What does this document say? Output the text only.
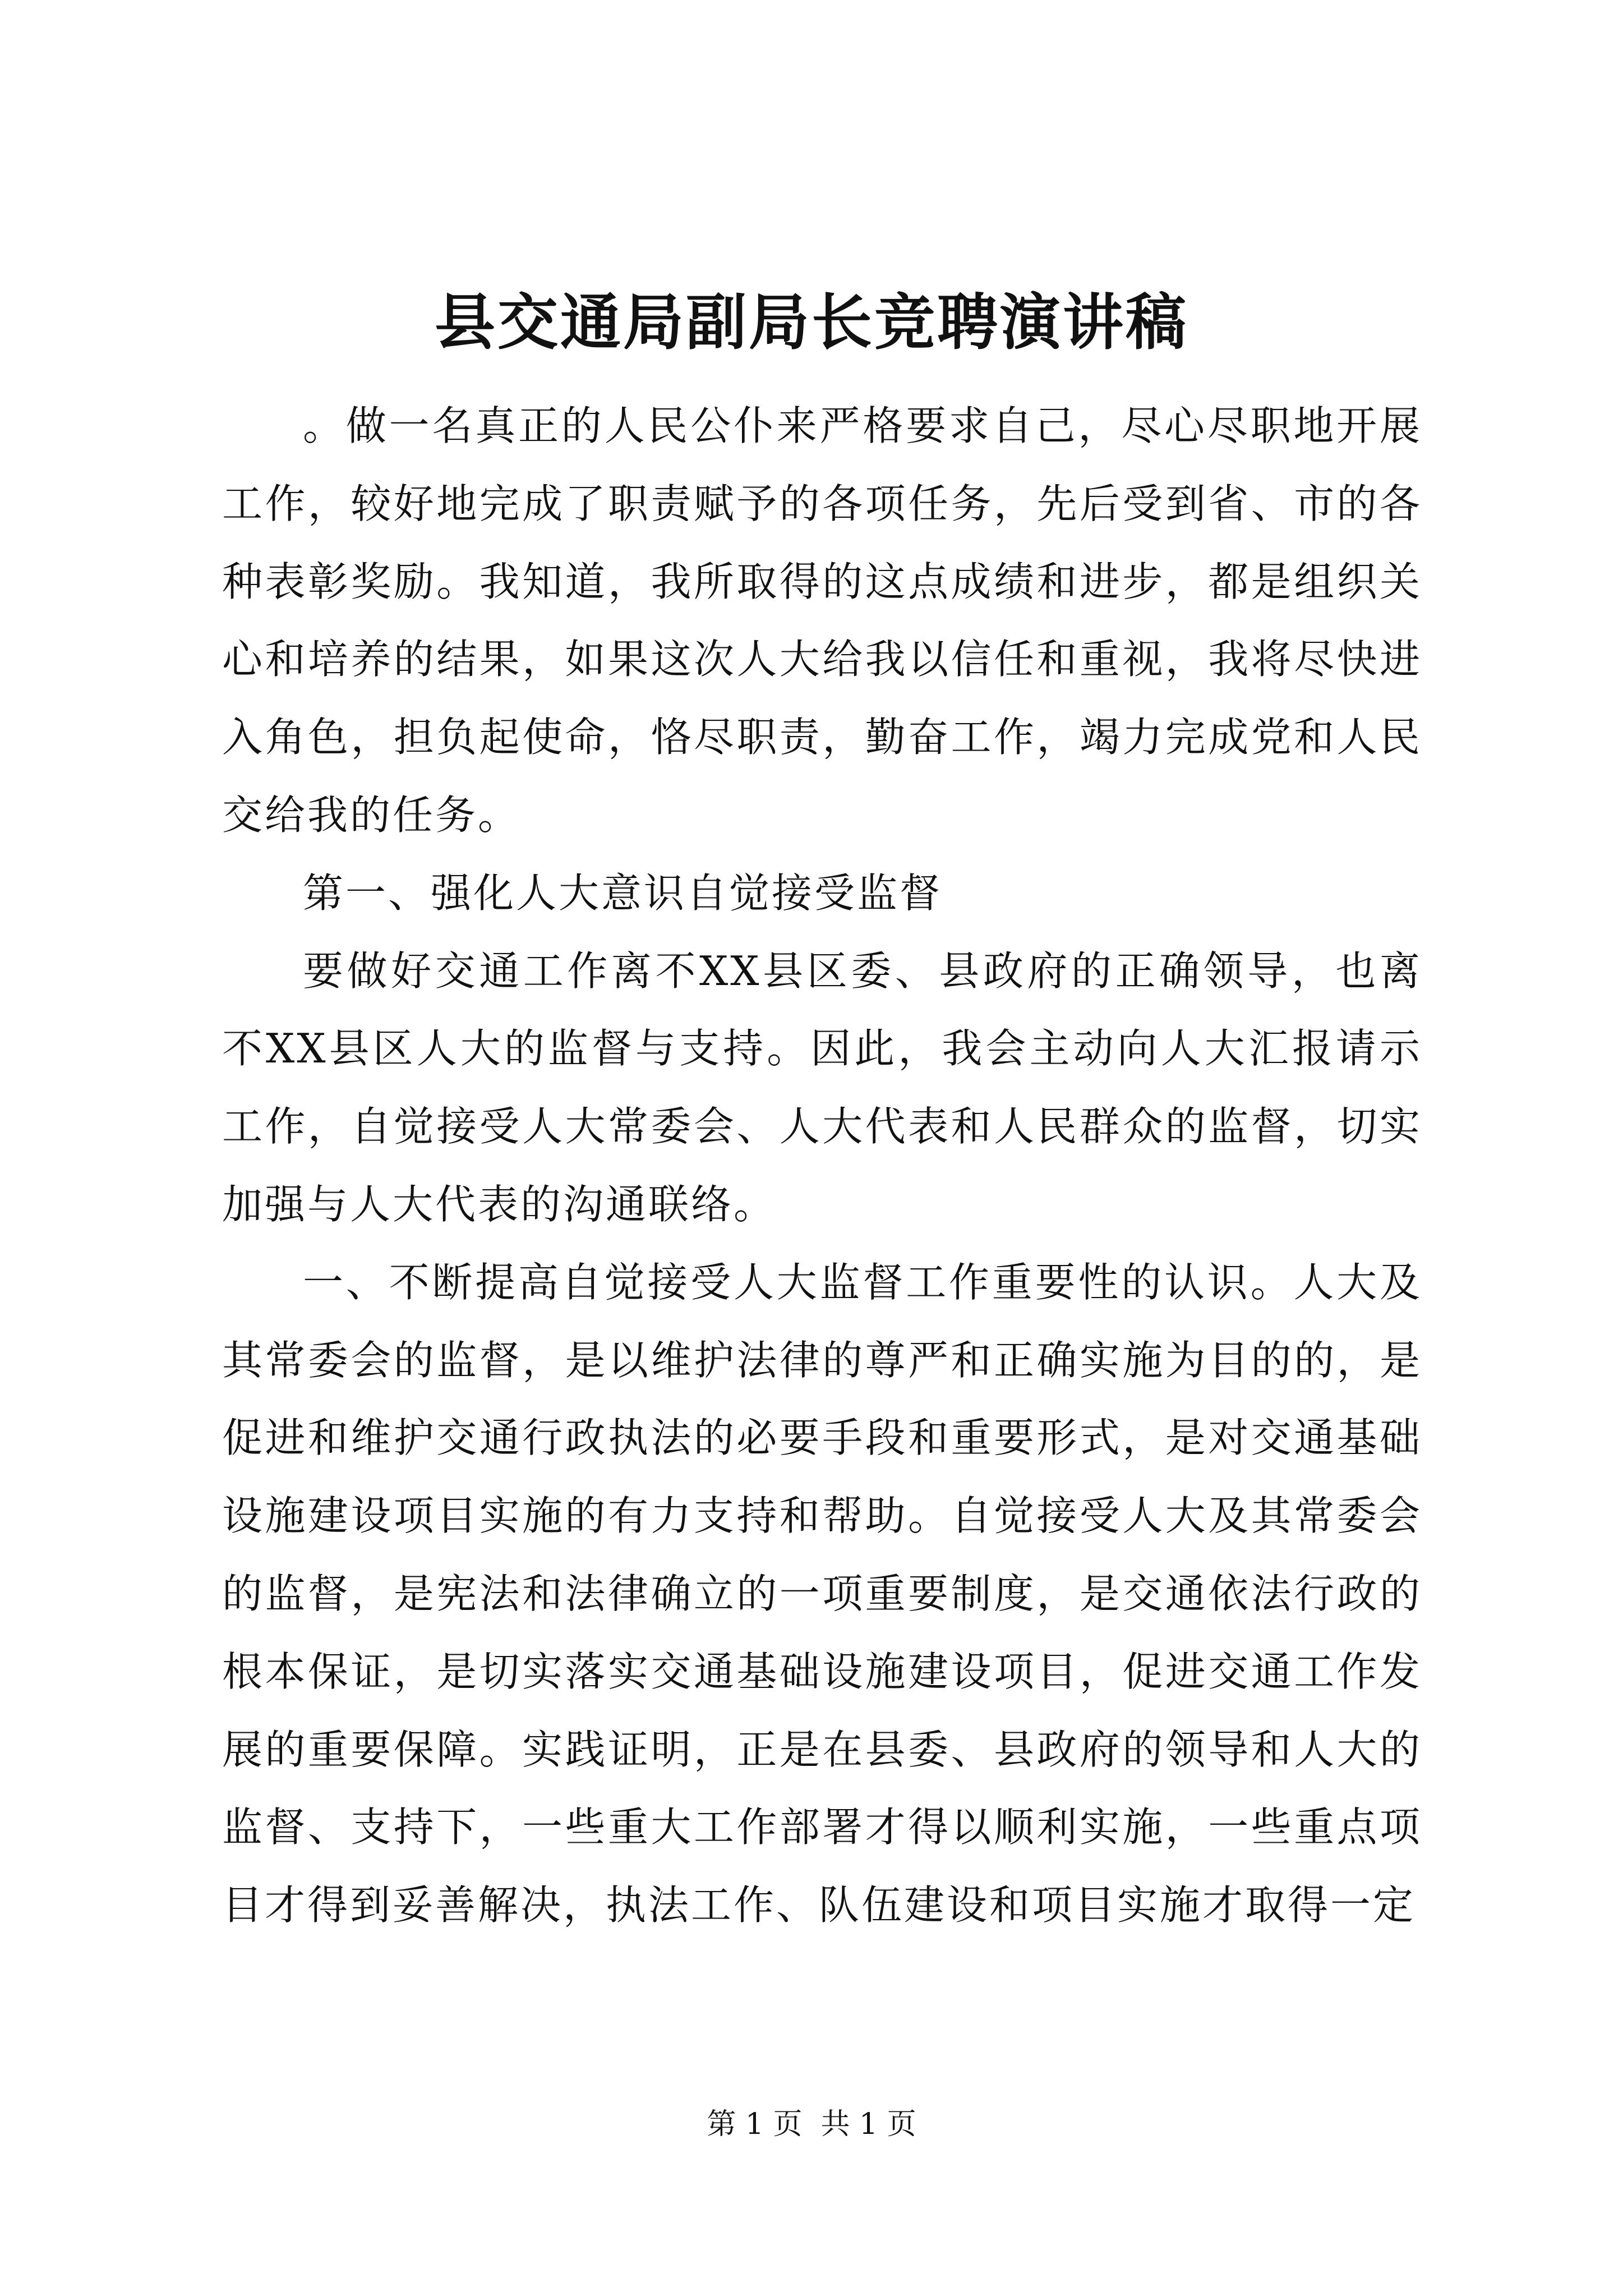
县交通局副局长竞聘演讲稿

。做一名真正的人民公仆来严格要求自己，尽心尽职地开展工作，较好地完成了职责赋予的各项任务，先后受到省、市的各种表彰奖励。我知道，我所取得的这点成绩和进步，都是组织关心和培养的结果，如果这次人大给我以信任和重视，我将尽快进入角色，担负起使命，恪尽职责，勤奋工作，竭力完成党和人民交给我的任务。

第一、强化人大意识自觉接受监督

要做好交通工作离不XX县区委、县政府的正确领导，也离不XX县区人大的监督与支持。因此，我会主动向人大汇报请示工作，自觉接受人大常委会、人大代表和人民群众的监督，切实加强与人大代表的沟通联络。

一、不断提高自觉接受人大监督工作重要性的认识。人大及其常委会的监督，是以维护法律的尊严和正确实施为目的的，是促进和维护交通行政执法的必要手段和重要形式，是对交通基础设施建设项目实施的有力支持和帮助。自觉接受人大及其常委会的监督，是宪法和法律确立的一项重要制度，是交通依法行政的根本保证，是切实落实交通基础设施建设项目，促进交通工作发展的重要保障。实践证明，正是在县委、县政府的领导和人大的监督、支持下，一些重大工作部署才得以顺利实施，一些重点项目才得到妥善解决，执法工作、队伍建设和项目实施才取得一定

第 1 页  共 1 页
